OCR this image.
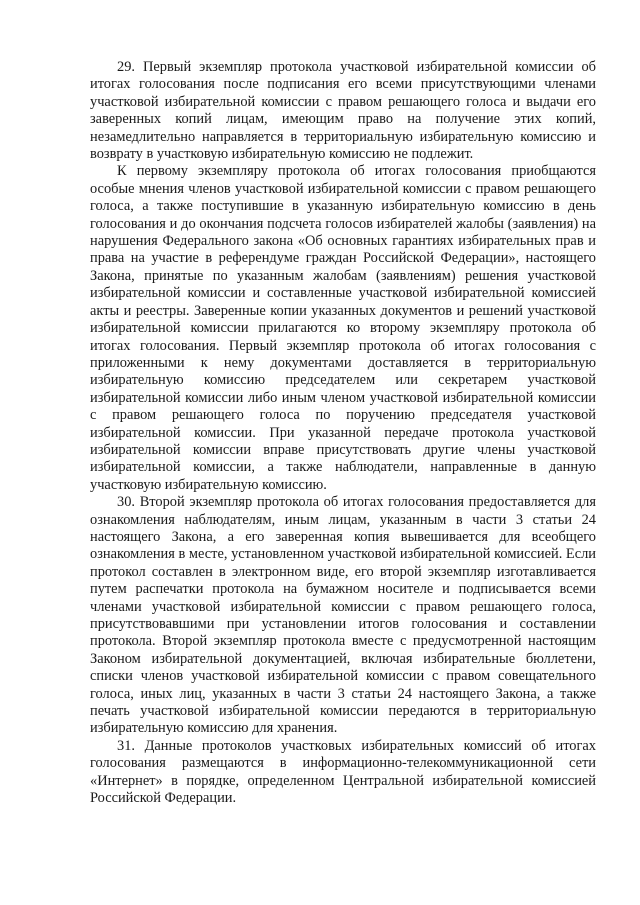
29. Первый экземпляр протокола участковой избирательной комиссии об итогах голосования после подписания его всеми присутствующими членами участковой избирательной комиссии с правом решающего голоса и выдачи его заверенных копий лицам, имеющим право на получение этих копий, незамедлительно направляется в территориальную избирательную комиссию и возврату в участковую избирательную комиссию не подлежит.

К первому экземпляру протокола об итогах голосования приобщаются особые мнения членов участковой избирательной комиссии с правом решающего голоса, а также поступившие в указанную избирательную комиссию в день голосования и до окончания подсчета голосов избирателей жалобы (заявления) на нарушения Федерального закона «Об основных гарантиях избирательных прав и права на участие в референдуме граждан Российской Федерации», настоящего Закона, принятые по указанным жалобам (заявлениям) решения участковой избирательной комиссии и составленные участковой избирательной комиссией акты и реестры. Заверенные копии указанных документов и решений участковой избирательной комиссии прилагаются ко второму экземпляру протокола об итогах голосования. Первый экземпляр протокола об итогах голосования с приложенными к нему документами доставляется в территориальную избирательную комиссию председателем или секретарем участковой избирательной комиссии либо иным членом участковой избирательной комиссии с правом решающего голоса по поручению председателя участковой избирательной комиссии. При указанной передаче протокола участковой избирательной комиссии вправе присутствовать другие члены участковой избирательной комиссии, а также наблюдатели, направленные в данную участковую избирательную комиссию.

30. Второй экземпляр протокола об итогах голосования предоставляется для ознакомления наблюдателям, иным лицам, указанным в части 3 статьи 24 настоящего Закона, а его заверенная копия вывешивается для всеобщего ознакомления в месте, установленном участковой избирательной комиссией. Если протокол составлен в электронном виде, его второй экземпляр изготавливается путем распечатки протокола на бумажном носителе и подписывается всеми членами участковой избирательной комиссии с правом решающего голоса, присутствовавшими при установлении итогов голосования и составлении протокола. Второй экземпляр протокола вместе с предусмотренной настоящим Законом избирательной документацией, включая избирательные бюллетени, списки членов участковой избирательной комиссии с правом совещательного голоса, иных лиц, указанных в части 3 статьи 24 настоящего Закона, а также печать участковой избирательной комиссии передаются в территориальную избирательную комиссию для хранения.

31. Данные протоколов участковых избирательных комиссий об итогах голосования размещаются в информационно-телекоммуникационной сети «Интернет» в порядке, определенном Центральной избирательной комиссией Российской Федерации.
